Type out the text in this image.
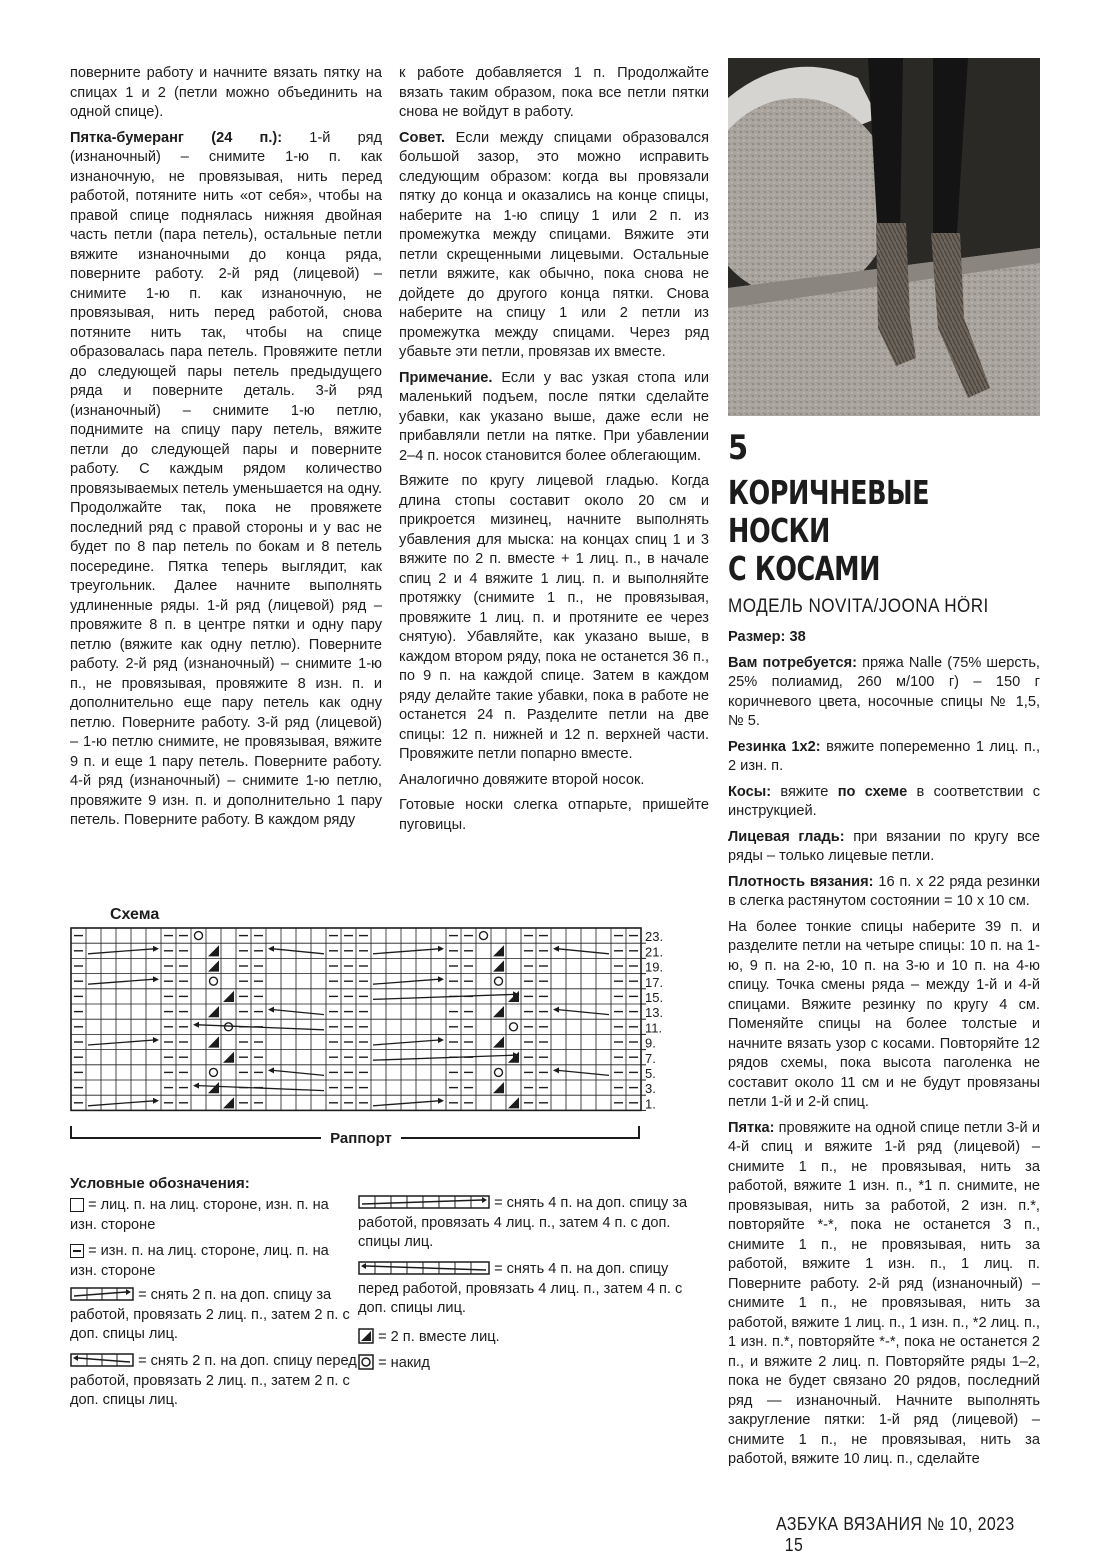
поверните работу и начните вязать пятку на спицах 1 и 2 (петли можно объединить на одной спице).

Пятка-бумеранг (24 п.): 1-й ряд (изнаночный) – снимите 1-ю п. как изнаночную, не провязывая, нить перед работой, потяните нить «от себя», чтобы на правой спице поднялась нижняя двойная часть петли (пара петель), остальные петли вяжите изнаночными до конца ряда, поверните работу. 2-й ряд (лицевой) – снимите 1-ю п. как изнаночную, не провязывая, нить перед работой, снова потяните нить так, чтобы на спице образовалась пара петель. Провяжите петли до следующей пары петель предыдущего ряда и поверните деталь. 3-й ряд (изнаночный) – снимите 1-ю петлю, поднимите на спицу пару петель, вяжите петли до следующей пары и поверните работу. С каждым рядом количество провязываемых петель уменьшается на одну. Продолжайте так, пока не провяжете последний ряд с правой стороны и у вас не будет по 8 пар петель по бокам и 8 петель посередине. Пятка теперь выглядит, как треугольник. Далее начните выполнять удлиненные ряды. 1-й ряд (лицевой) ряд – провяжите 8 п. в центре пятки и одну пару петлю (вяжите как одну петлю). Поверните работу. 2-й ряд (изнаночный) – снимите 1-ю п., не провязывая, провяжите 8 изн. п. и дополнительно еще пару петель как одну петлю. Поверните работу. 3-й ряд (лицевой) – 1-ю петлю снимите, не провязывая, вяжите 9 п. и еще 1 пару петель. Поверните работу. 4-й ряд (изнаночный) – снимите 1-ю петлю, провяжите 9 изн. п. и дополнительно 1 пару петель. Поверните работу. В каждом ряду

к работе добавляется 1 п. Продолжайте вязать таким образом, пока все петли пятки снова не войдут в работу.

Совет. Если между спицами образовался большой зазор, это можно исправить следующим образом: когда вы провязали пятку до конца и оказались на конце спицы, наберите на 1-ю спицу 1 или 2 п. из промежутка между спицами. Вяжите эти петли скрещенными лицевыми. Остальные петли вяжите, как обычно, пока снова не дойдете до другого конца пятки. Снова наберите на спицу 1 или 2 петли из промежутка между спицами. Через ряд убавьте эти петли, провязав их вместе.

Примечание. Если у вас узкая стопа или маленький подъем, после пятки сделайте убавки, как указано выше, даже если не прибавляли петли на пятке. При убавлении 2–4 п. носок становится более облегающим.

Вяжите по кругу лицевой гладью. Когда длина стопы составит около 20 см и прикроется мизинец, начните выполнять убавления для мыска: на концах спиц 1 и 3 вяжите по 2 п. вместе + 1 лиц. п., в начале спиц 2 и 4 вяжите 1 лиц. п. и выполняйте протяжку (снимите 1 п., не провязывая, провяжите 1 лиц. п. и протяните ее через снятую). Убавляйте, как указано выше, в каждом втором ряду, пока не останется 36 п., по 9 п. на каждой спице. Затем в каждом ряду делайте такие убавки, пока в работе не останется 24 п. Разделите петли на две спицы: 12 п. нижней и 12 п. верхней части. Провяжите петли попарно вместе.

Аналогично довяжите второй носок.

Готовые носки слегка отпарьте, пришейте пуговицы.

5
КОРИЧНЕВЫЕ НОСКИ
С КОСАМИ
МОДЕЛЬ NOVITA/JOONA HÖRI

Размер: 38

Вам потребуется: пряжа Nalle (75% шерсть, 25% полиамид, 260 м/100 г) – 150 г коричневого цвета, носочные спицы № 1,5, № 5.

Резинка 1х2: вяжите попеременно 1 лиц. п., 2 изн. п.

Косы: вяжите по схеме в соответствии с инструкцией.

Лицевая гладь: при вязании по кругу все ряды – только лицевые петли.

Плотность вязания: 16 п. х 22 ряда резинки в слегка растянутом состоянии = 10 х 10 см.

На более тонкие спицы наберите 39 п. и разделите петли на четыре спицы: 10 п. на 1-ю, 9 п. на 2-ю, 10 п. на 3-ю и 10 п. на 4-ю спицу. Точка смены ряда – между 1-й и 4-й спицами. Вяжите резинку по кругу 4 см. Поменяйте спицы на более толстые и начните вязать узор с косами. Повторяйте 12 рядов схемы, пока высота паголенка не составит около 11 см и не будут провязаны петли 1-й и 2-й спиц.

Пятка: провяжите на одной спице петли 3-й и 4-й спиц и вяжите 1-й ряд (лицевой) – снимите 1 п., не провязывая, нить за работой, вяжите 1 изн. п., *1 п. снимите, не провязывая, нить за работой, 2 изн. п.*, повторяйте *-*, пока не останется 3 п., снимите 1 п., не провязывая, нить за работой, вяжите 1 изн. п., 1 лиц. п. Поверните работу. 2-й ряд (изнаночный) – снимите 1 п., не провязывая, нить за работой, вяжите 1 лиц. п., 1 изн. п., *2 лиц. п., 1 изн. п.*, повторяйте *-*, пока не останется 2 п., и вяжите 2 лиц. п. Повторяйте ряды 1–2, пока не будет связано 20 рядов, последний ряд — изнаночный. Начните выполнять закругление пятки: 1-й ряд (лицевой) – снимите 1 п., не провязывая, нить за работой, вяжите 10 лиц. п., сделайте

Схема
23.
21.
19.
17.
15.
13.
11.
9.
7.
5.
3.
1.
Раппорт
Условные обозначения:
= лиц. п. на лиц. стороне, изн. п. на изн. стороне
= изн. п. на лиц. стороне, лиц. п. на изн. стороне
= снять 2 п. на доп. спицу за работой, провязать 2 лиц. п., затем 2 п. с доп. спицы лиц.
= снять 2 п. на доп. спицу перед работой, провязать 2 лиц. п., затем 2 п. с доп. спицы лиц.
= снять 4 п. на доп. спицу за работой, провязать 4 лиц. п., затем 4 п. с доп. спицы лиц.
= снять 4 п. на доп. спицу перед работой, провязать 4 лиц. п., затем 4 п. с доп. спицы лиц.
= 2 п. вместе лиц.
= накид
АЗБУКА ВЯЗАНИЯ № 10, 2023 15
